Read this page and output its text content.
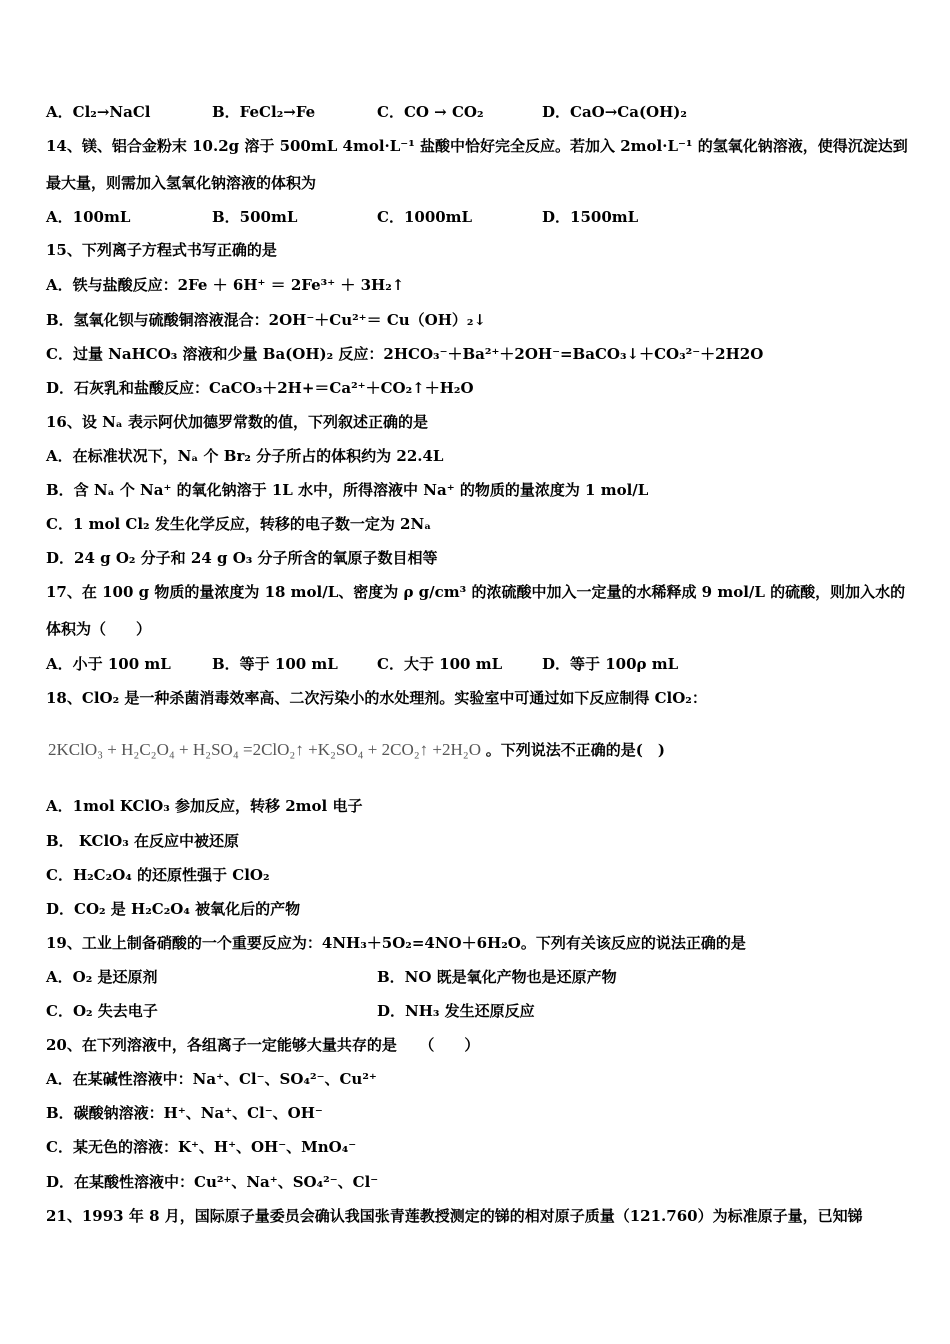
A．Cl₂→NaCl	B．FeCl₂→Fe	C．CO → CO₂	D．CaO→Ca(OH)₂
14、镁、铝合金粉末 10.2g 溶于 500mL 4mol·L⁻¹ 盐酸中恰好完全反应。若加入 2mol·L⁻¹ 的氢氧化钠溶液，使得沉淀达到
最大量，则需加入氢氧化钠溶液的体积为
A．100mL	B．500mL	C．1000mL	D．1500mL
15、下列离子方程式书写正确的是
A．铁与盐酸反应：2Fe ＋ 6H⁺ ＝ 2Fe³⁺ ＋ 3H₂↑
B．氢氧化钡与硫酸铜溶液混合：2OH⁻＋Cu²⁺＝ Cu（OH）₂↓
C．过量 NaHCO₃ 溶液和少量 Ba(OH)₂ 反应：2HCO₃⁻＋Ba²⁺＋2OH⁻=BaCO₃↓＋CO₃²⁻＋2H2O
D．石灰乳和盐酸反应：CaCO₃＋2H+＝Ca²⁺＋CO₂↑＋H₂O
16、设 Nₐ 表示阿伏加德罗常数的值，下列叙述正确的是
A．在标准状况下，Nₐ 个 Br₂ 分子所占的体积约为 22.4L
B．含 Nₐ 个 Na⁺ 的氧化钠溶于 1L 水中，所得溶液中 Na⁺ 的物质的量浓度为 1 mol/L
C．1 mol Cl₂ 发生化学反应，转移的电子数一定为 2Nₐ
D．24 g O₂ 分子和 24 g O₃ 分子所含的氧原子数目相等
17、在 100 g 物质的量浓度为 18 mol/L、密度为 ρ g/cm³ 的浓硫酸中加入一定量的水稀释成 9 mol/L 的硫酸，则加入水的
体积为（　　）
A．小于 100 mL	B．等于 100 mL	C．大于 100 mL	D．等于 100ρ mL
18、ClO₂ 是一种杀菌消毒效率高、二次污染小的水处理剂。实验室中可通过如下反应制得 ClO₂：
2KClO₃ + H₂C₂O₄ + H₂SO₄ =2ClO₂↑ +K₂SO₄ + 2CO₂↑ +2H₂O 。下列说法不正确的是(　)
A．1mol KClO₃ 参加反应，转移 2mol 电子
B． KClO₃ 在反应中被还原
C．H₂C₂O₄ 的还原性强于 ClO₂
D．CO₂ 是 H₂C₂O₄ 被氧化后的产物
19、工业上制备硝酸的一个重要反应为：4NH₃＋5O₂=4NO＋6H₂O。下列有关该反应的说法正确的是
A．O₂ 是还原剂	B．NO 既是氧化产物也是还原产物
C．O₂ 失去电子	D．NH₃ 发生还原反应
20、在下列溶液中，各组离子一定能够大量共存的是　　（　　）
A．在某碱性溶液中：Na⁺、Cl⁻、SO₄²⁻、Cu²⁺
B．碳酸钠溶液：H⁺、Na⁺、Cl⁻、OH⁻
C．某无色的溶液：K⁺、H⁺、OH⁻、MnO₄⁻
D．在某酸性溶液中：Cu²⁺、Na⁺、SO₄²⁻、Cl⁻
21、1993 年 8 月，国际原子量委员会确认我国张青莲教授测定的锑的相对原子质量（121.760）为标准原子量，已知锑
